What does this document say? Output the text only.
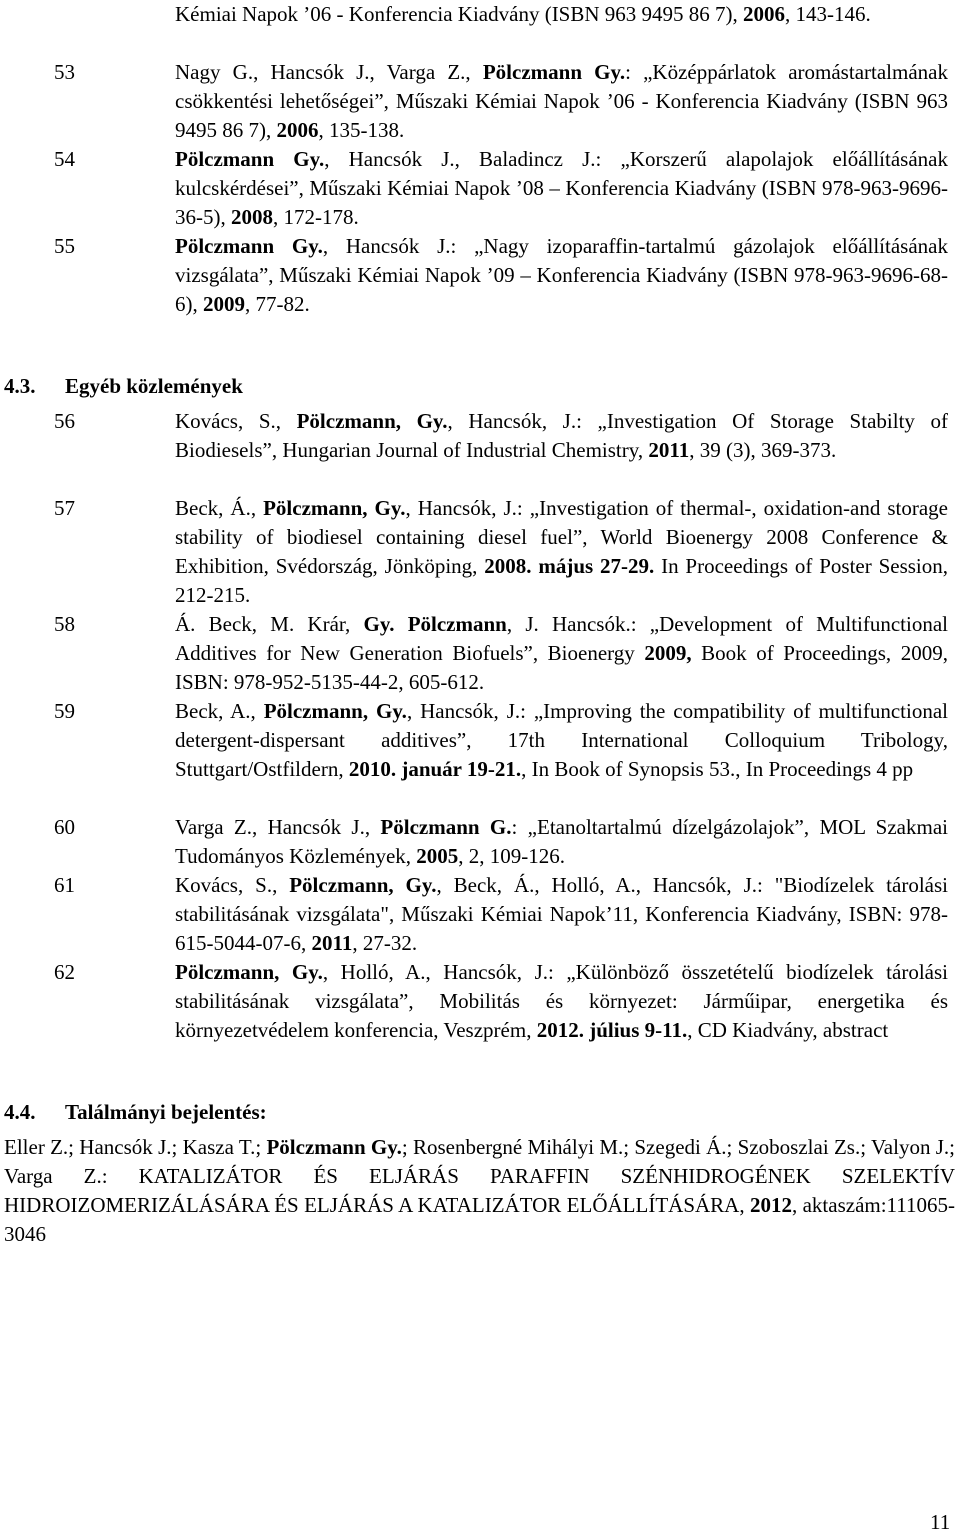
Kémiai Napok ’06 - Konferencia Kiadvány (ISBN 963 9495 86 7), 2006, 143-146.
53	Nagy G., Hancsók J., Varga Z., Pölczmann Gy.: „Középpárlatok aromástartalmának csökkentési lehetőségei”, Műszaki Kémiai Napok ’06 - Konferencia Kiadvány (ISBN 963 9495 86 7), 2006, 135-138.
54	Pölczmann Gy., Hancsók J., Baladincz J.: „Korszerű alapolajok előállításának kulcskérdései”, Műszaki Kémiai Napok ’08 – Konferencia Kiadvány (ISBN 978-963-9696-36-5), 2008, 172-178.
55	Pölczmann Gy., Hancsók J.: „Nagy izoparaffin-tartalmú gázolajok előállításának vizsgálata”, Műszaki Kémiai Napok ’09 – Konferencia Kiadvány (ISBN 978-963-9696-68-6), 2009, 77-82.
4.3. Egyéb közlemények
56	Kovács, S., Pölczmann, Gy., Hancsók, J.: „Investigation Of Storage Stabilty of Biodiesels”, Hungarian Journal of Industrial Chemistry, 2011, 39 (3), 369-373.
57	Beck, Á., Pölczmann, Gy., Hancsók, J.: „Investigation of thermal-, oxidation-and storage stability of biodiesel containing diesel fuel”, World Bioenergy 2008 Conference & Exhibition, Svédország, Jönköping, 2008. május 27-29. In Proceedings of Poster Session, 212-215.
58	Á. Beck, M. Krár, Gy. Pölczmann, J. Hancsók.: „Development of Multifunctional Additives for New Generation Biofuels”, Bioenergy 2009, Book of Proceedings, 2009, ISBN: 978-952-5135-44-2, 605-612.
59	Beck, A., Pölczmann, Gy., Hancsók, J.: „Improving the compatibility of multifunctional detergent-dispersant additives”, 17th International Colloquium Tribology, Stuttgart/Ostfildern, 2010. január 19-21., In Book of Synopsis 53., In Proceedings 4 pp
60	Varga Z., Hancsók J., Pölczmann G.: „Etanoltartalmú dízelgázolajok”, MOL Szakmai Tudományos Közlemények, 2005, 2, 109-126.
61	Kovács, S., Pölczmann, Gy., Beck, Á., Holló, A., Hancsók, J.: "Biodízelek tárolási stabilitásának vizsgálata", Műszaki Kémiai Napok’11, Konferencia Kiadvány, ISBN: 978-615-5044-07-6, 2011, 27-32.
62	Pölczmann, Gy., Holló, A., Hancsók, J.: „Különböző összetételű biodízelek tárolási stabilitásának vizsgálata”, Mobilitás és környezet: Járműipar, energetika és környezetvédelem konferencia, Veszprém, 2012. július 9-11., CD Kiadvány, abstract
4.4. Találmányi bejelentés:
Eller Z.; Hancsók J.; Kasza T.; Pölczmann Gy.; Rosenbergné Mihályi M.; Szegedi Á.; Szoboszlai Zs.; Valyon J.; Varga Z.: KATALIZÁTOR ÉS ELJÁRÁS PARAFFIN SZÉNHIDROGÉNEK SZELEKTÍV HIDROIZOMERIZÁLÁSÁRA ÉS ELJÁRÁS A KATALIZÁTOR ELŐÁLLÍTÁSÁRA, 2012, aktaszám:111065-3046
11
